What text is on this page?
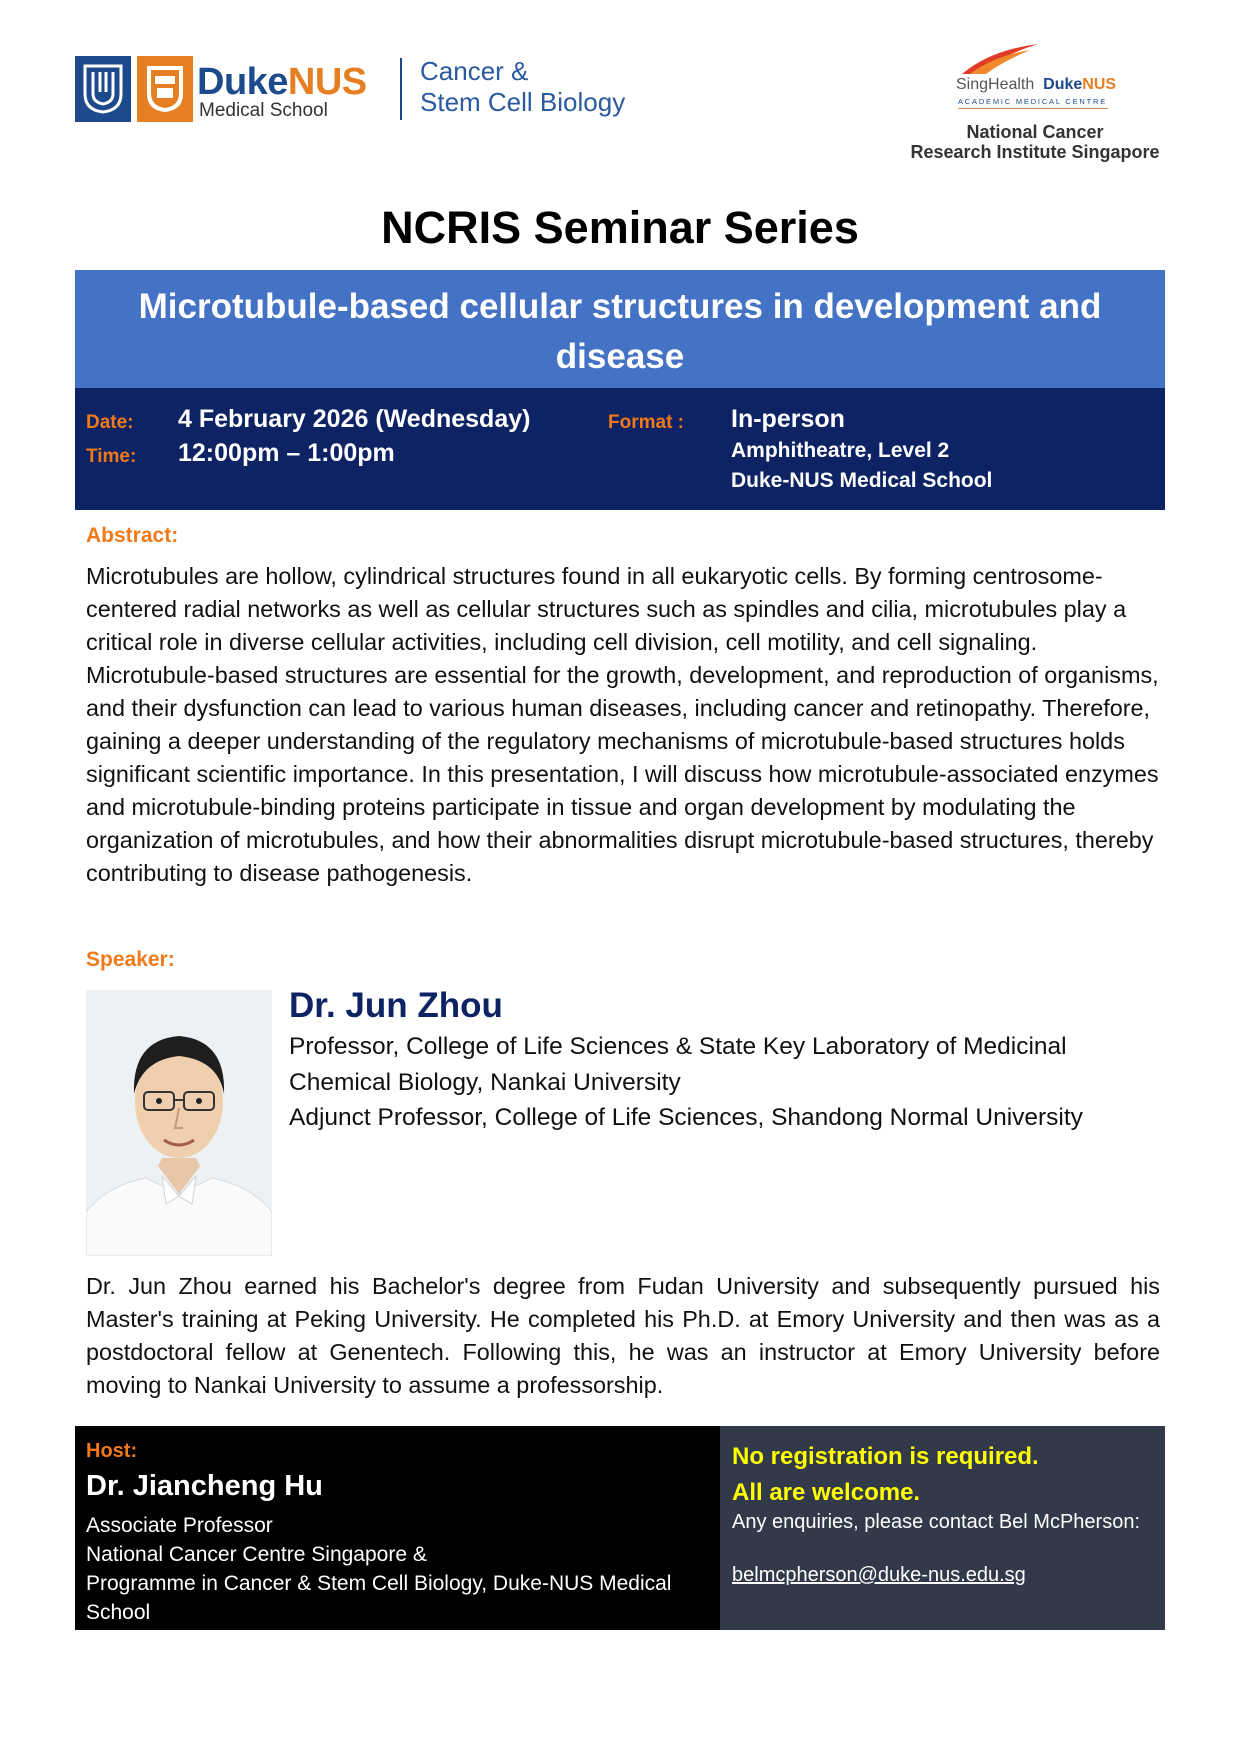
DukeNUS
Medical School
Cancer &
Stem Cell Biology
SingHealth DukeNUS
ACADEMIC MEDICAL CENTRE
National Cancer
Research Institute Singapore
NCRIS Seminar Series
Microtubule-based cellular structures in development and disease
Date: 4 February 2026 (Wednesday)
Time: 12:00pm – 1:00pm
Format : In-person
Amphitheatre, Level 2
Duke-NUS Medical School
Abstract:
Microtubules are hollow, cylindrical structures found in all eukaryotic cells. By forming centrosome-centered radial networks as well as cellular structures such as spindles and cilia, microtubules play a critical role in diverse cellular activities, including cell division, cell motility, and cell signaling. Microtubule-based structures are essential for the growth, development, and reproduction of organisms, and their dysfunction can lead to various human diseases, including cancer and retinopathy. Therefore, gaining a deeper understanding of the regulatory mechanisms of microtubule-based structures holds significant scientific importance. In this presentation, I will discuss how microtubule-associated enzymes and microtubule-binding proteins participate in tissue and organ development by modulating the organization of microtubules, and how their abnormalities disrupt microtubule-based structures, thereby contributing to disease pathogenesis.
Speaker:
Dr. Jun Zhou
Professor, College of Life Sciences & State Key Laboratory of Medicinal
Chemical Biology, Nankai University
Adjunct Professor, College of Life Sciences, Shandong Normal University
Dr. Jun Zhou earned his Bachelor's degree from Fudan University and subsequently pursued his Master's training at Peking University. He completed his Ph.D. at Emory University and then was as a postdoctoral fellow at Genentech. Following this, he was an instructor at Emory University before moving to Nankai University to assume a professorship.
Host:
Dr. Jiancheng Hu
Associate Professor
National Cancer Centre Singapore &
Programme in Cancer & Stem Cell Biology, Duke-NUS Medical School
No registration is required.
All are welcome.
Any enquiries, please contact Bel McPherson:
belmcpherson@duke-nus.edu.sg
